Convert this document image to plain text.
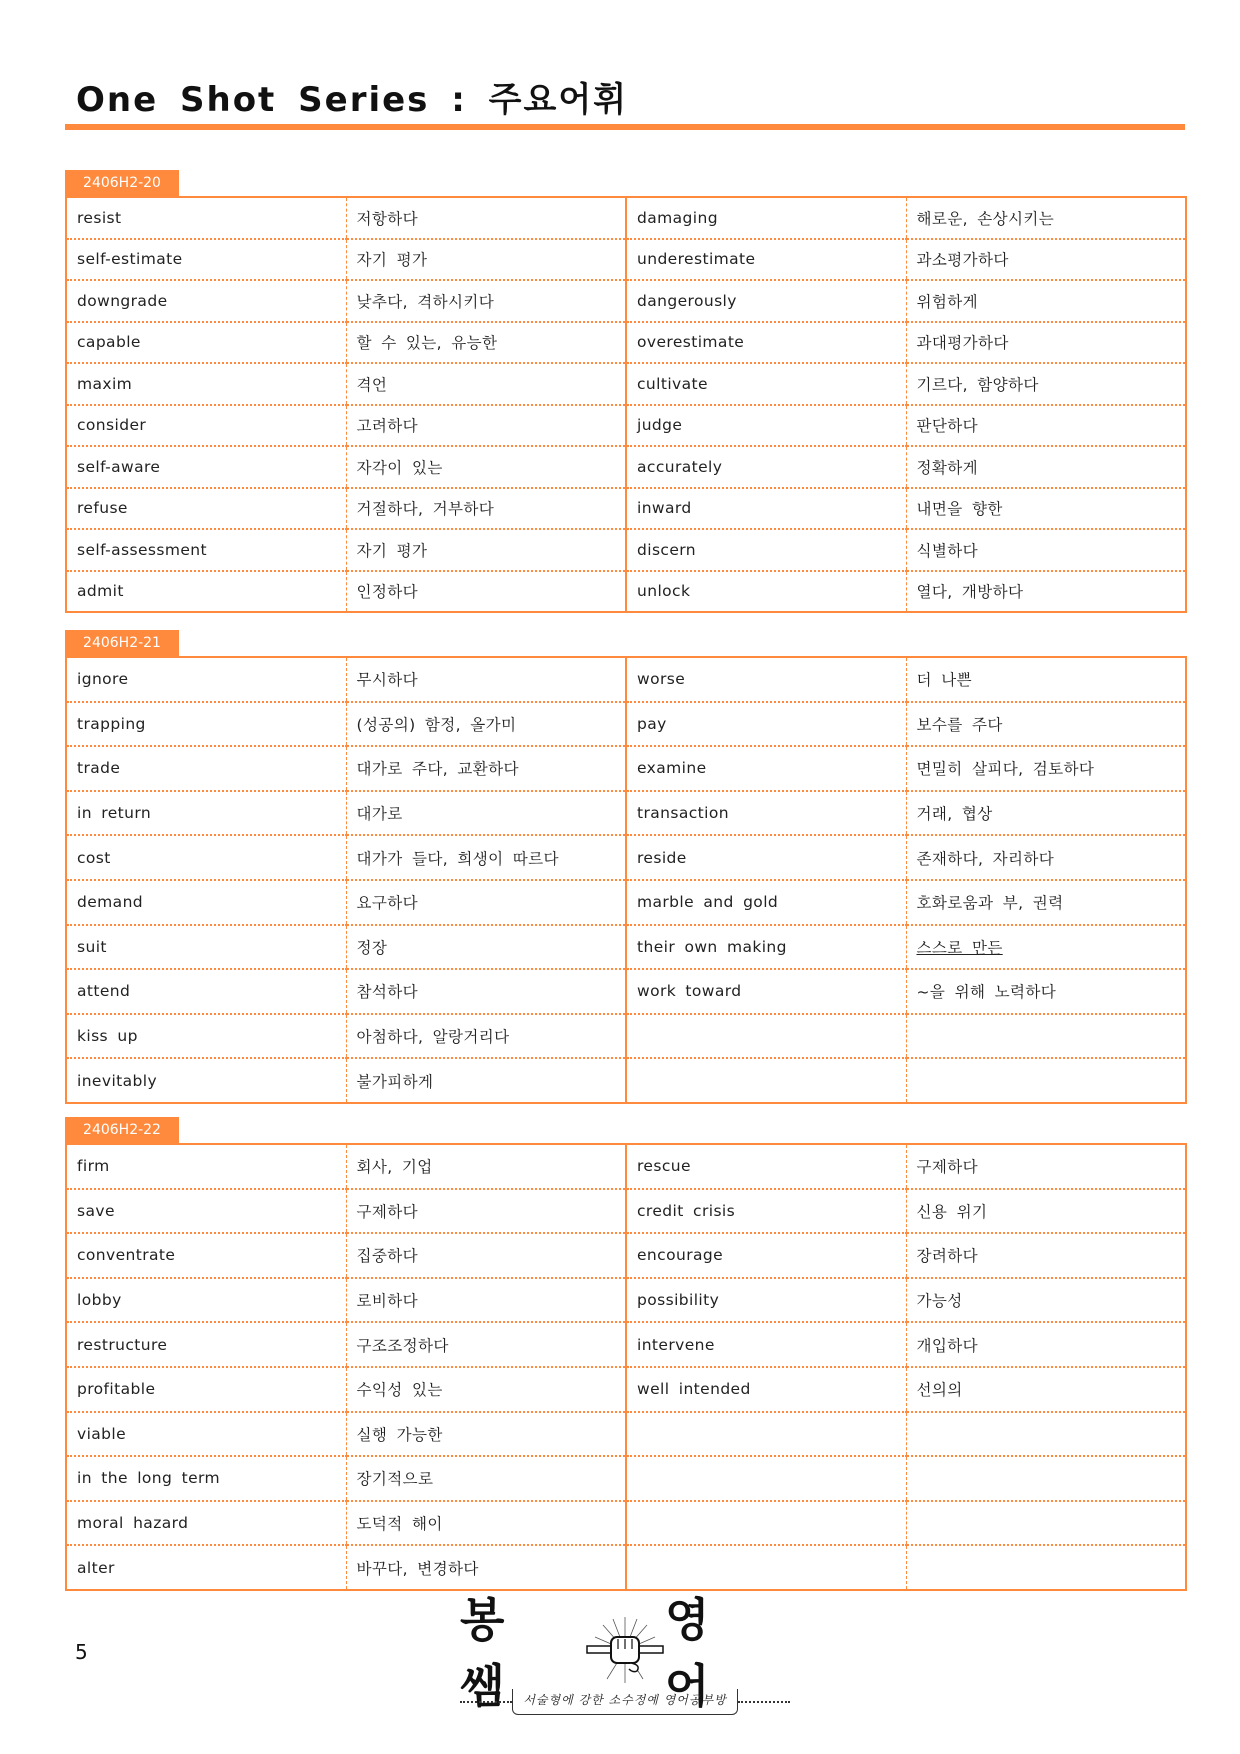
One Shot Series : 주요어휘
2406H2-20
resist	저항하다	damaging	해로운, 손상시키는
self-estimate	자기 평가	underestimate	과소평가하다
downgrade	낮추다, 격하시키다	dangerously	위험하게
capable	할 수 있는, 유능한	overestimate	과대평가하다
maxim	격언	cultivate	기르다, 함양하다
consider	고려하다	judge	판단하다
self-aware	자각이 있는	accurately	정확하게
refuse	거절하다, 거부하다	inward	내면을 향한
self-assessment	자기 평가	discern	식별하다
admit	인정하다	unlock	열다, 개방하다
2406H2-21
ignore	무시하다	worse	더 나쁜
trapping	(성공의) 함정, 올가미	pay	보수를 주다
trade	대가로 주다, 교환하다	examine	면밀히 살피다, 검토하다
in return	대가로	transaction	거래, 협상
cost	대가가 들다, 희생이 따르다	reside	존재하다, 자리하다
demand	요구하다	marble and gold	호화로움과 부, 권력
suit	정장	their own making	스스로 만든
attend	참석하다	work toward	~을 위해 노력하다
kiss up	아첨하다, 알랑거리다		
inevitably	불가피하게		
2406H2-22
firm	회사, 기업	rescue	구제하다
save	구제하다	credit crisis	신용 위기
conventrate	집중하다	encourage	장려하다
lobby	로비하다	possibility	가능성
restructure	구조조정하다	intervene	개입하다
profitable	수익성 있는	well intended	선의의
viable	실행 가능한		
in the long term	장기적으로		
moral hazard	도덕적 해이		
alter	바꾸다, 변경하다		
5
봉 쌤
영 어
서술형에 강한 소수정예 영어공부방
